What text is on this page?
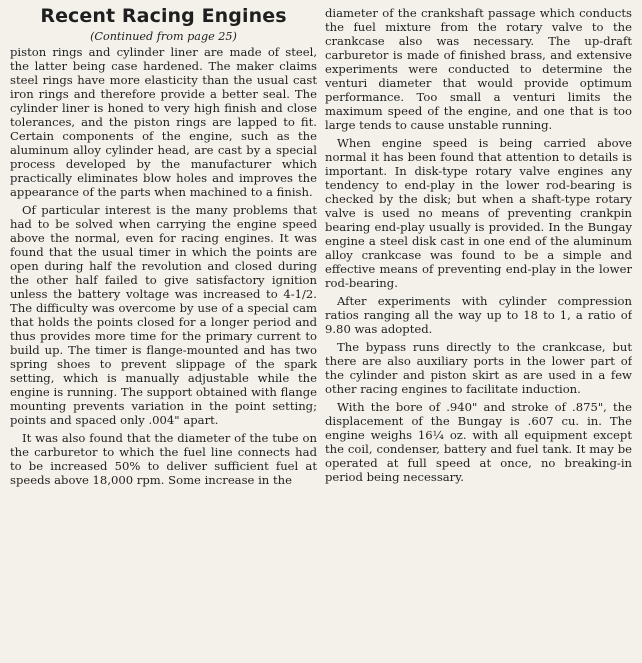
Recent Racing Engines
(Continued from page 25)

piston rings and cylinder liner are made of steel, the latter being case hardened. The maker claims steel rings have more elasticity than the usual cast iron rings and therefore provide a better seal. The cylinder liner is honed to very high finish and close tolerances, and the piston rings are lapped to fit. Certain components of the engine, such as the aluminum alloy cylinder head, are cast by a special process developed by the manufacturer which practically eliminates blow holes and improves the appearance of the parts when machined to a finish.

Of particular interest is the many problems that had to be solved when carrying the engine speed above the normal, even for racing engines. It was found that the usual timer in which the points are open during half the revolution and closed during the other half failed to give satisfactory ignition unless the battery voltage was increased to 4-1/2. The difficulty was overcome by use of a special cam that holds the points closed for a longer period and thus provides more time for the primary current to build up. The timer is flange-mounted and has two spring shoes to prevent slippage of the spark setting, which is manually adjustable while the engine is running. The support obtained with flange mounting prevents variation in the point setting; points and spaced only .004" apart.

It was also found that the diameter of the tube on the carburetor to which the fuel line connects had to be increased 50% to deliver sufficient fuel at speeds above 18,000 rpm. Some increase in the

diameter of the crankshaft passage which conducts the fuel mixture from the rotary valve to the crankcase also was necessary. The up-draft carburetor is made of finished brass, and extensive experiments were conducted to determine the venturi diameter that would provide optimum performance. Too small a venturi limits the maximum speed of the engine, and one that is too large tends to cause unstable running.

When engine speed is being carried above normal it has been found that attention to details is important. In disk-type rotary valve engines any tendency to end-play in the lower rod-bearing is checked by the disk; but when a shaft-type rotary valve is used no means of preventing crankpin bearing end-play usually is provided. In the Bungay engine a steel disk cast in one end of the aluminum alloy crankcase was found to be a simple and effective means of preventing end-play in the lower rod-bearing.

After experiments with cylinder compression ratios ranging all the way up to 18 to 1, a ratio of 9.80 was adopted.

The bypass runs directly to the crankcase, but there are also auxiliary ports in the lower part of the cylinder and piston skirt as are used in a few other racing engines to facilitate induction.

With the bore of .940" and stroke of .875", the displacement of the Bungay is .607 cu. in. The engine weighs 16¼ oz. with all equipment except the coil, condenser, battery and fuel tank. It may be operated at full speed at once, no breaking-in period being necessary.
